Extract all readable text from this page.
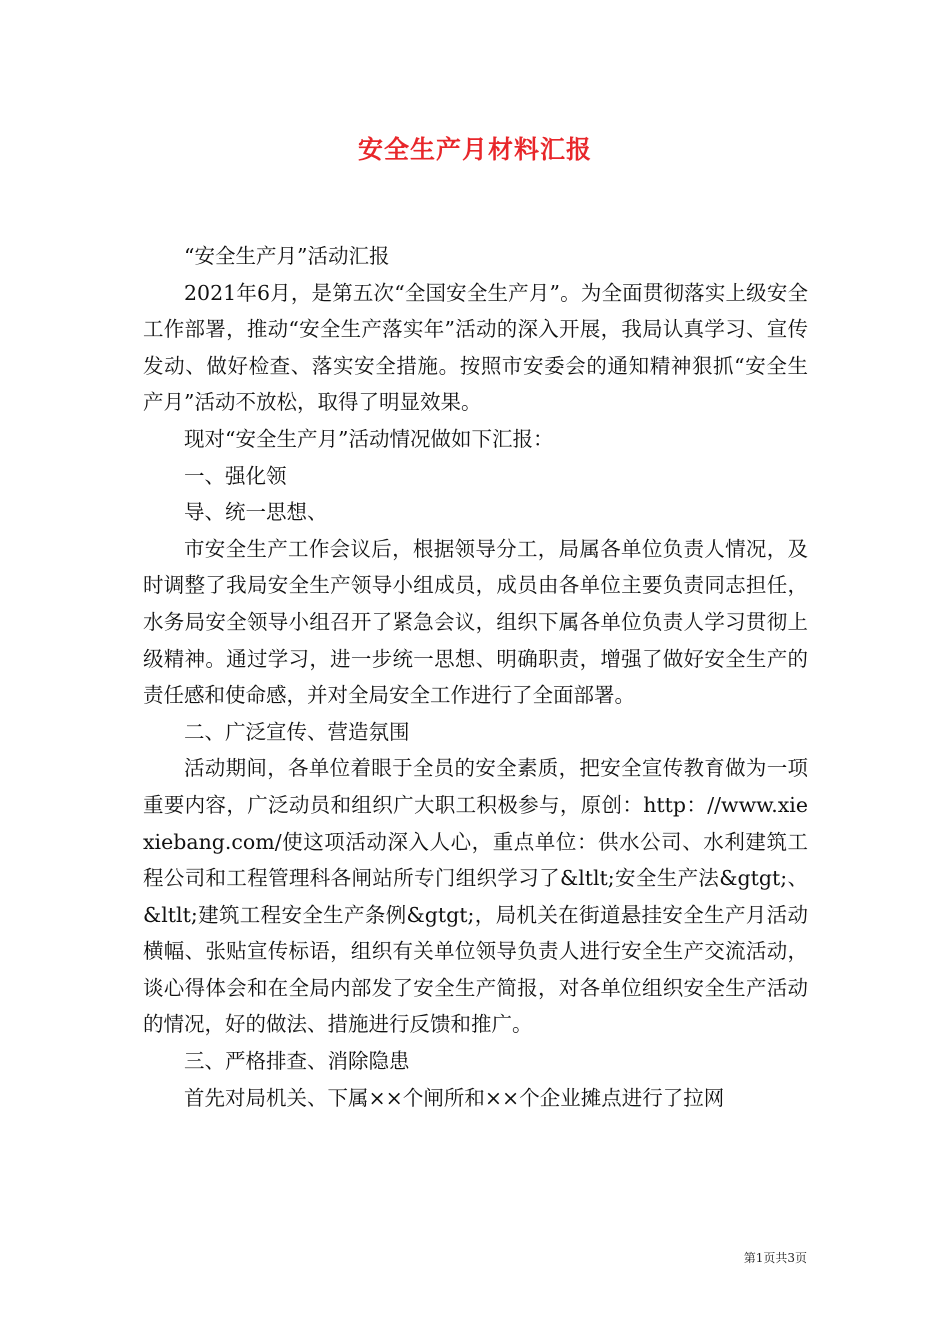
安全生产月材料汇报

“安全生产月”活动汇报

2021年6月，是第五次“全国安全生产月”。为全面贯彻落实上级安全工作部署，推动“安全生产落实年”活动的深入开展，我局认真学习、宣传发动、做好检查、落实安全措施。按照市安委会的通知精神狠抓“安全生产月”活动不放松，取得了明显效果。

现对“安全生产月”活动情况做如下汇报：

一、强化领

导、统一思想、

市安全生产工作会议后，根据领导分工，局属各单位负责人情况，及时调整了我局安全生产领导小组成员，成员由各单位主要负责同志担任，水务局安全领导小组召开了紧急会议，组织下属各单位负责人学习贯彻上级精神。通过学习，进一步统一思想、明确职责，增强了做好安全生产的责任感和使命感，并对全局安全工作进行了全面部署。

二、广泛宣传、营造氛围

活动期间，各单位着眼于全员的安全素质，把安全宣传教育做为一项重要内容，广泛动员和组织广大职工积极参与，原创：http：//www.xiexiebang.com/使这项活动深入人心，重点单位：供水公司、水利建筑工程公司和工程管理科各闸站所专门组织学习了&ltlt;安全生产法&gtgt;、&ltlt;建筑工程安全生产条例&gtgt;，局机关在街道悬挂安全生产月活动横幅、张贴宣传标语，组织有关单位领导负责人进行安全生产交流活动，谈心得体会和在全局内部发了安全生产简报，对各单位组织安全生产活动的情况，好的做法、措施进行反馈和推广。

三、严格排查、消除隐患

首先对局机关、下属××个闸所和××个企业摊点进行了拉网

第1页共3页
